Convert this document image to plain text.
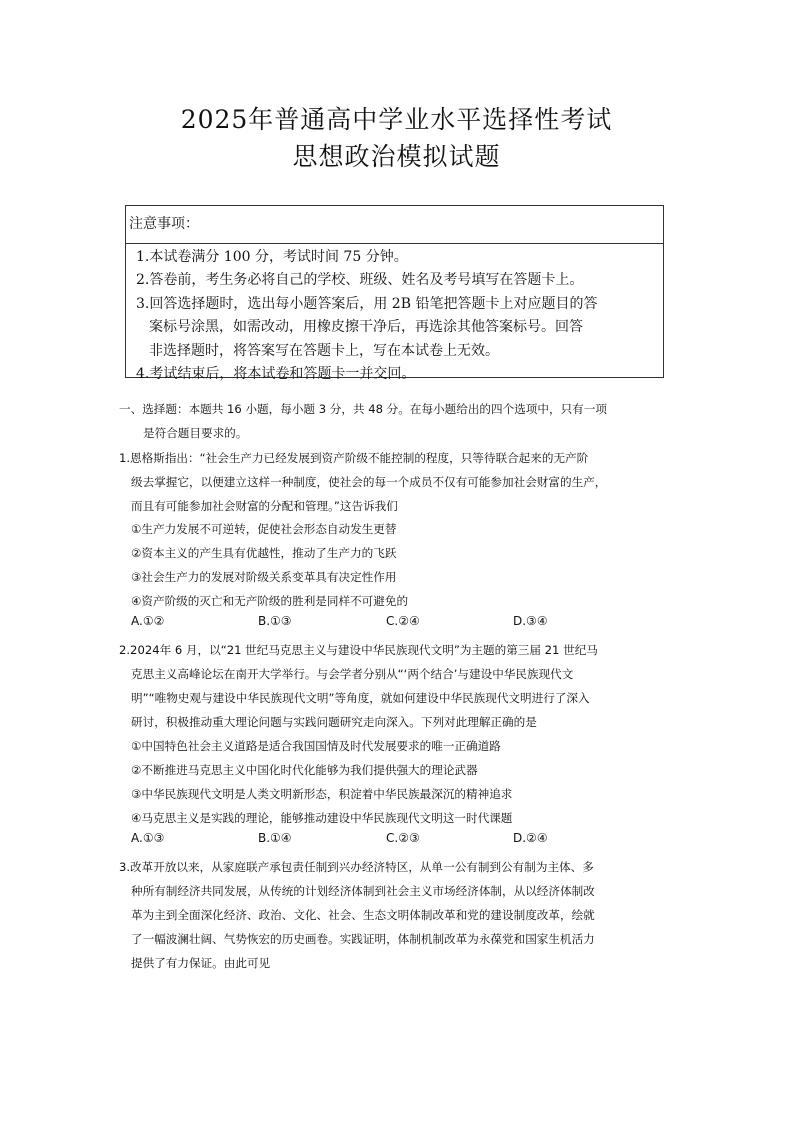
2025年普通高中学业水平选择性考试
思想政治模拟试题
注意事项：
1.本试卷满分 100 分，考试时间 75 分钟。
2.答卷前，考生务必将自己的学校、班级、姓名及考号填写在答题卡上。
3.回答选择题时，选出每小题答案后，用 2B 铅笔把答题卡上对应题目的答
案标号涂黑，如需改动，用橡皮擦干净后，再选涂其他答案标号。回答
非选择题时，将答案写在答题卡上，写在本试卷上无效。
4.考试结束后，将本试卷和答题卡一并交回。
一、选择题：本题共 16 小题，每小题 3 分，共 48 分。在每小题给出的四个选项中，只有一项
是符合题目要求的。
1.恩格斯指出：“社会生产力已经发展到资产阶级不能控制的程度，只等待联合起来的无产阶
级去掌握它，以便建立这样一种制度，使社会的每一个成员不仅有可能参加社会财富的生产，
而且有可能参加社会财富的分配和管理。”这告诉我们
①生产力发展不可逆转，促使社会形态自动发生更替
②资本主义的产生具有优越性，推动了生产力的飞跃
③社会生产力的发展对阶级关系变革具有决定性作用
④资产阶级的灭亡和无产阶级的胜利是同样不可避免的
A.①②	B.①③	C.②④	D.③④
2.2024年 6 月，以“21 世纪马克思主义与建设中华民族现代文明”为主题的第三届 21 世纪马
克思主义高峰论坛在南开大学举行。与会学者分别从“‘两个结合’与建设中华民族现代文
明”“唯物史观与建设中华民族现代文明”等角度，就如何建设中华民族现代文明进行了深入
研讨，积极推动重大理论问题与实践问题研究走向深入。下列对此理解正确的是
①中国特色社会主义道路是适合我国国情及时代发展要求的唯一正确道路
②不断推进马克思主义中国化时代化能够为我们提供强大的理论武器
③中华民族现代文明是人类文明新形态，积淀着中华民族最深沉的精神追求
④马克思主义是实践的理论，能够推动建设中华民族现代文明这一时代课题
A.①③	B.①④	C.②③	D.②④
3.改革开放以来，从家庭联产承包责任制到兴办经济特区，从单一公有制到公有制为主体、多
种所有制经济共同发展，从传统的计划经济体制到社会主义市场经济体制，从以经济体制改
革为主到全面深化经济、政治、文化、社会、生态文明体制改革和党的建设制度改革，绘就
了一幅波澜壮阔、气势恢宏的历史画卷。实践证明，体制机制改革为永葆党和国家生机活力
提供了有力保证。由此可见
